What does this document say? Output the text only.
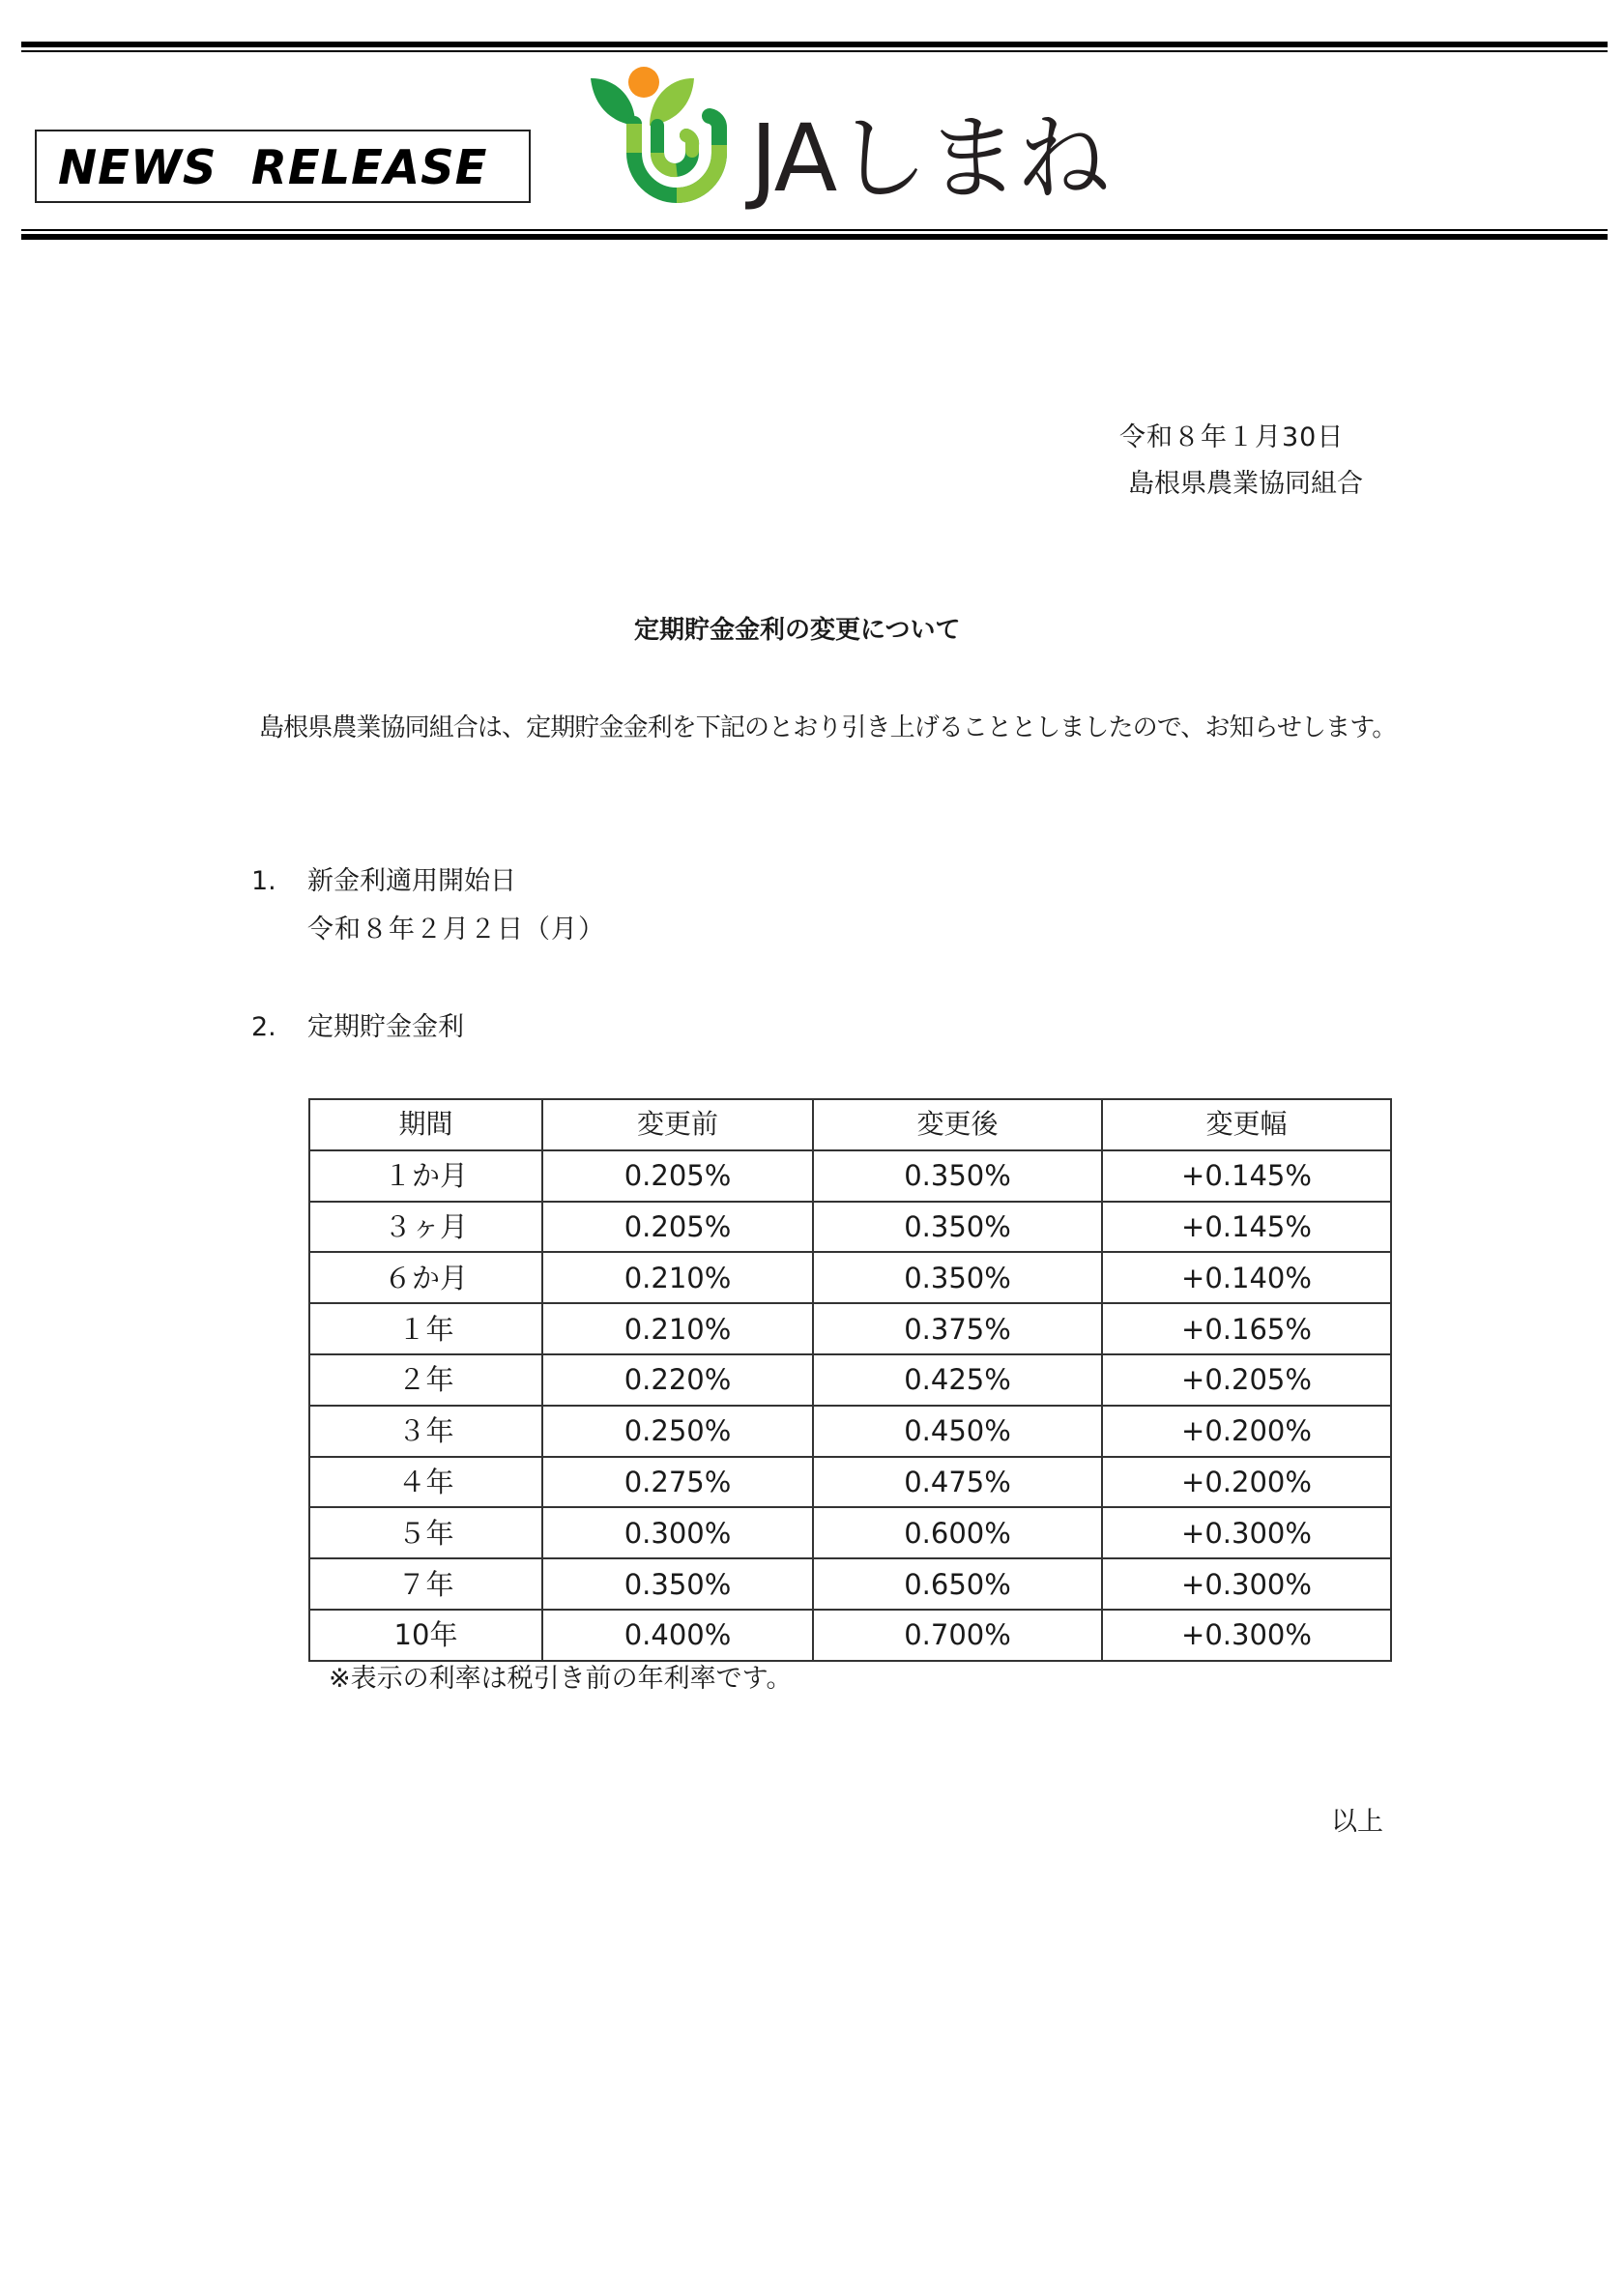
NEWS  RELEASE	JAしまね
令和８年１月30日
島根県農業協同組合
定期貯金金利の変更について
島根県農業協同組合は、定期貯金金利を下記のとおり引き上げることとしましたので、お知らせします。
1. 新金利適用開始日
令和８年２月２日（月）
2. 定期貯金金利
期間	変更前	変更後	変更幅
１か月	0.205%	0.350%	+0.145%
３ヶ月	0.205%	0.350%	+0.145%
６か月	0.210%	0.350%	+0.140%
１年	0.210%	0.375%	+0.165%
２年	0.220%	0.425%	+0.205%
３年	0.250%	0.450%	+0.200%
４年	0.275%	0.475%	+0.200%
５年	0.300%	0.600%	+0.300%
７年	0.350%	0.650%	+0.300%
10年	0.400%	0.700%	+0.300%
※表示の利率は税引き前の年利率です。
以上
